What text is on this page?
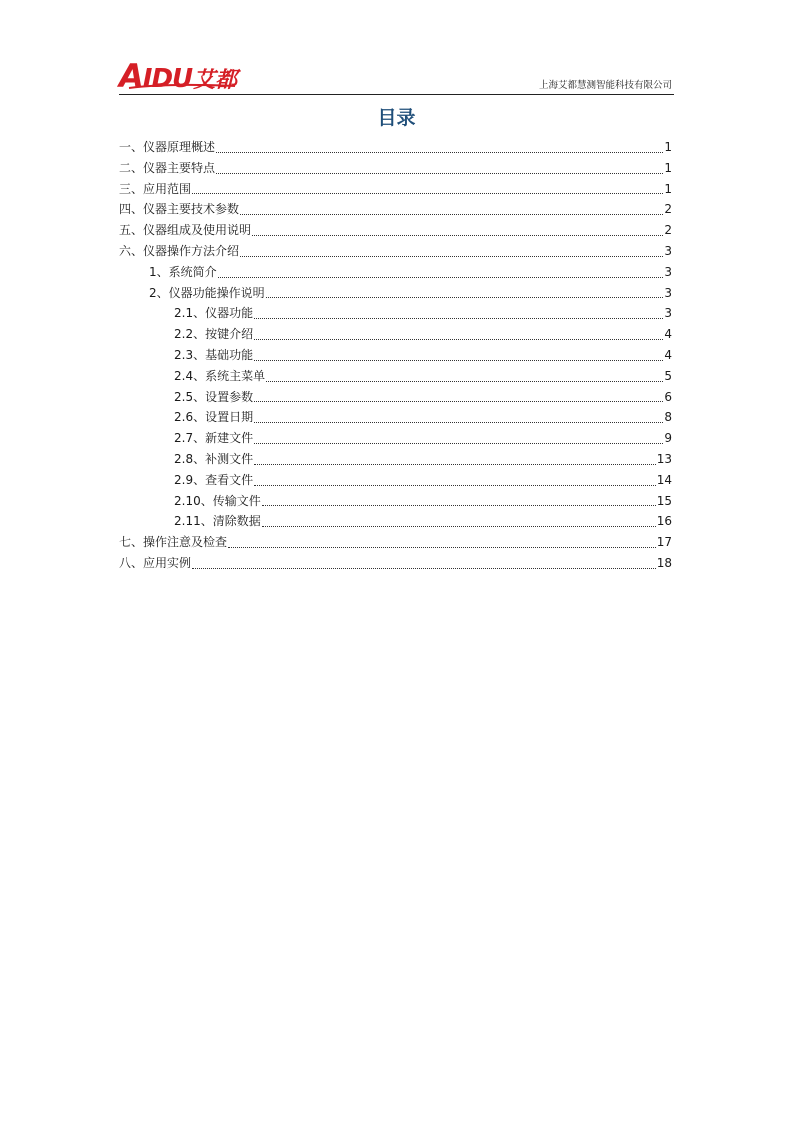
AIDU 艾都	上海艾都慧测智能科技有限公司
目录
一、仪器原理概述	1
二、仪器主要特点	1
三、应用范围	1
四、仪器主要技术参数	2
五、仪器组成及使用说明	2
六、仪器操作方法介绍	3
1、系统简介	3
2、仪器功能操作说明	3
2.1、仪器功能	3
2.2、按键介绍	4
2.3、基础功能	4
2.4、系统主菜单	5
2.5、设置参数	6
2.6、设置日期	8
2.7、新建文件	9
2.8、补测文件	13
2.9、查看文件	14
2.10、传输文件	15
2.11、清除数据	16
七、操作注意及检查	17
八、应用实例	18
